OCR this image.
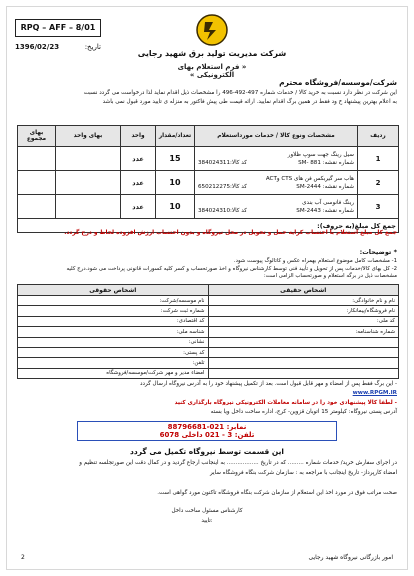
RPQ – AFF – 8/01
تاریخ:
1396/02/23
شرکت مدیریت تولید برق شهید رجایی
« فرم استعلام بهای الکترونیکی »
شرکت/موسسه/فروشگاه محترم
این شرکت در نظر دارد نسبت به خرید کالا / خدمات شماره 497-492-496 را مشخصات ذیل اقدام نماید لذا درخواست می گردد نسبت
به اعلام بهترین پیشنهاد خ ود فقط در همین برگ اقدام نمایید. ارائه قیمت طی پیش فاکتور به منزله ی تایید مورد قبول نمی باشد
ردیف	مشخصات ونوع کالا / خدمات مورداستعلام	تعداد/مقدار	واحد	بهای واحد	بهای مجموع
1	سیل رینگ جهت سوپ ظلاور
شماره نقشه: SM- 881
کد کالا:384024311	15	عدد		
2	هاب سر گیربکس فن های CTS وACT
شماره نقشه: SM-2444
کد کالا:650212275	10	عدد		
3	رینگ فانوسی آب بندی
شماره نقشه: SM-2443
کد کالا:384024310	10	عدد		
جمع کل مبلغ(به حروف):					
جمع کل مبلغ استعلام با احتساب کرایه حمل و تحویل در محل نیروگاه و بدون احتساب ارزش افزوده لحاظ و درج گردد.
* توضیحات:
1- مشخصات کامل موضوع استعلام بهمراه عکس و کاتالوگ پیوست شود.
2- کل بهای کالا/خدمات پس از تحویل و تأیید فنی توسط کارشناس نیروگاه و اخذ صورتحساب و کسر کلیه کسورات قانونی پرداخت می شود.درج کلیه
مشخصات ذیل در برگه استعلام و صورتحساب الزامی است:
اشخاص حقیقی	اشخاص حقوقی
نام و نام خانوادگی:	نام موسسه/شرکت:
نام فروشگاه/پیمانکار:	شماره ثبت شرکت:
کد ملی:	کد اقتصادی:
شماره شناسنامه:	شناسه ملی:
	نشانی:
	کد پستی:
	تلفن:
	امضاء مدیر و مهر شرکت/موسسه/فروشگاه
- این برگ فقط پس از امضاء و مهر قابل قبول است. بعد از تکمیل پیشنهاد خود را به آدرس نیروگاه ارسال گردد
www.RPGM.IR
- لطفا کالا پیشنهادی خود را در سامانه معاملات الکترونیکی نیروگاه بارگذاری کنید
آدرس پستی نیروگاه: کیلومتر 15 اتوبان قزوین- کرج، اداره ساخت داخل ویا بسته
نمابر: 021-88796681
تلفن: 3 - 021 داخلی 6078
این قسمت توسط نیروگاه تکمیل می گردد
در اجرای سفارش خرید/ خدمات شماره ......... که در تاریخ .................. به اینجانب ارجاع گردید و در کمال دقت این صورتجلسه تنظیم و
امضاء کارپرداز- تاریخ اینجانب با مراجعه به : سازمان شرکت بنگاه فروشگاه سایر
صحت مراتب فوق در مورد اخذ این استعلام از سازمان شرکت بنگاه فروشگاه تاکنون مورد گواهی است.
کارشناس مسئول ساخت داخل
تایید:
2	امور بازرگانی نیروگاه شهید رجایی
